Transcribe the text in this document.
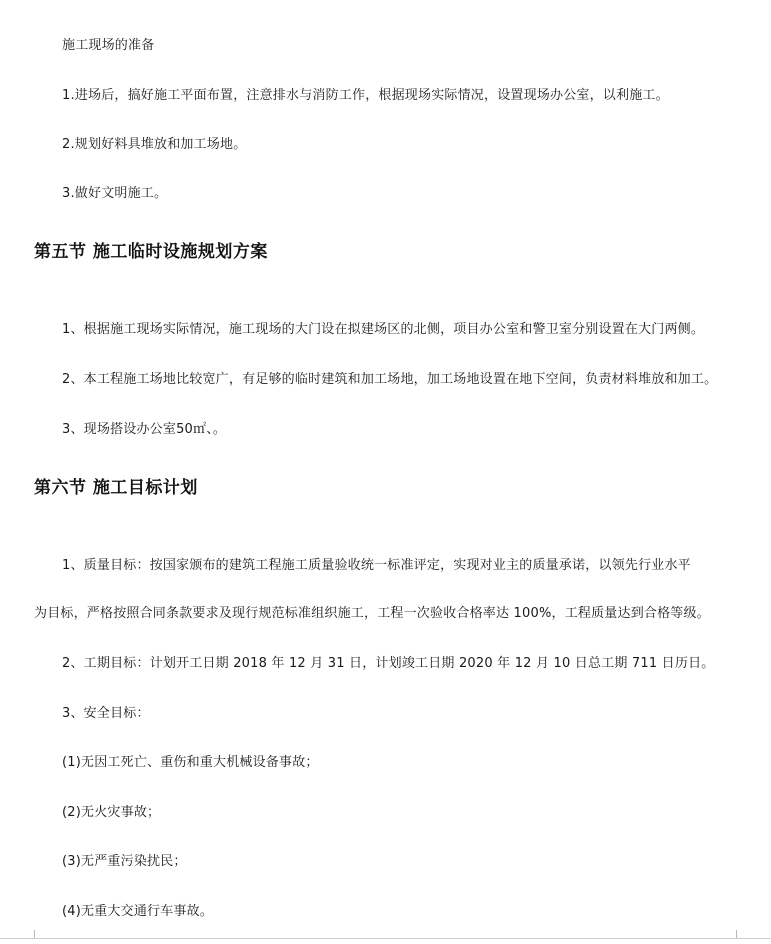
施工现场的准备
1.进场后，搞好施工平面布置，注意排水与消防工作，根据现场实际情况，设置现场办公室，以利施工。
2.规划好料具堆放和加工场地。
3.做好文明施工。
第五节 施工临时设施规划方案
1、根据施工现场实际情况，施工现场的大门设在拟建场区的北侧，项目办公室和警卫室分别设置在大门两侧。
2、本工程施工场地比较宽广，有足够的临时建筑和加工场地，加工场地设置在地下空间，负责材料堆放和加工。
3、现场搭设办公室50㎡、。
第六节 施工目标计划
1、质量目标：按国家颁布的建筑工程施工质量验收统一标准评定，实现对业主的质量承诺，以领先行业水平
为目标，严格按照合同条款要求及现行规范标准组织施工，工程一次验收合格率达 100%，工程质量达到合格等级。
2、工期目标：计划开工日期 2018 年 12 月 31 日，计划竣工日期 2020 年 12 月 10 日总工期 711 日历日。
3、安全目标：
(1)无因工死亡、重伤和重大机械设备事故；
(2)无火灾事故；
(3)无严重污染扰民；
(4)无重大交通行车事故。
